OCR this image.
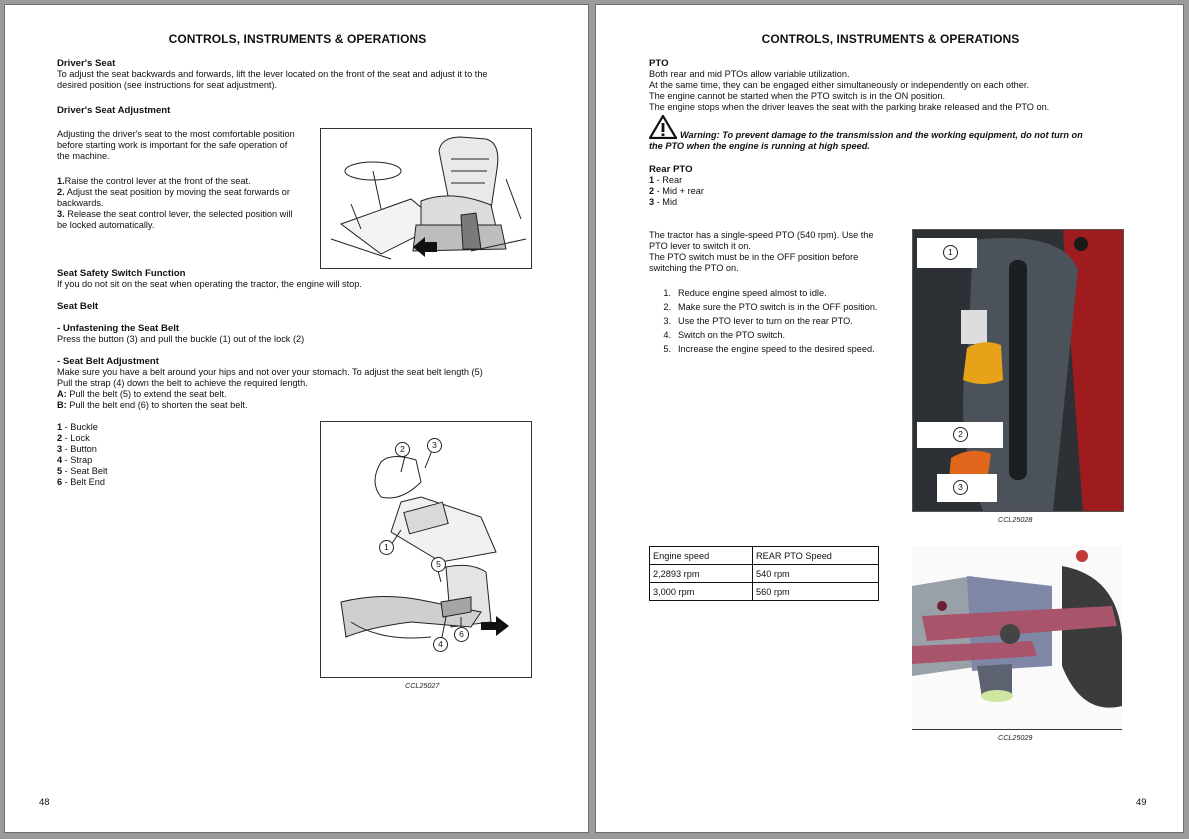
CONTROLS, INSTRUMENTS & OPERATIONS
Driver's Seat
To adjust the seat backwards and forwards, lift the lever located on the front of the seat and adjust it to the
desired position (see instructions for seat adjustment).
Driver's Seat Adjustment
Adjusting the driver's seat to the most comfortable position
before starting work is important for the safe operation of
the machine.
1.Raise the control lever at the front of the seat.
2. Adjust the seat position by moving the seat forwards or
backwards.
3. Release the seat control lever, the selected position will
be locked automatically.
Seat Safety Switch Function
If you do not sit on the seat when operating the tractor, the engine will stop.
Seat Belt
- Unfastening the Seat Belt
Press the button (3) and pull the buckle (1) out of the lock (2)
- Seat Belt Adjustment
Make sure you have a belt around your hips and not over your stomach. To adjust the seat belt length (5)
Pull the strap (4) down the belt to achieve the required length.
A: Pull the belt (5) to extend the seat belt.
B: Pull the belt end (6) to shorten the seat belt.
1 - Buckle
2 - Lock
3 - Button
4 - Strap
5 - Seat Belt
6 - Belt End
1
2	3
4
5
6
CCL25027
48
CONTROLS, INSTRUMENTS & OPERATIONS
PTO
Both rear and mid PTOs allow variable utilization.
At the same time, they can be engaged either simultaneously or independently on each other.
The engine cannot be started when the PTO switch is in the ON position.
The engine stops when the driver leaves the seat with the parking brake released and the PTO on.
Warning: To prevent damage to the transmission and the working equipment, do not turn on
the PTO when the engine is running at high speed.
Rear PTO
1 - Rear
2 - Mid + rear
3 - Mid
The tractor has a single-speed PTO (540 rpm). Use the
PTO lever to switch it on.
The PTO switch must be in the OFF position before
switching the PTO on.
1. Reduce engine speed almost to idle.
2. Make sure the PTO switch is in the OFF position.
3. Use the PTO lever to turn on the rear PTO.
4. Switch on the PTO switch.
5. Increase the engine speed to the desired speed.
1
2
3
CCL25028
Engine speed	REAR PTO Speed
2,2893 rpm	540 rpm
3,000 rpm	560 rpm
CCL25029
49
